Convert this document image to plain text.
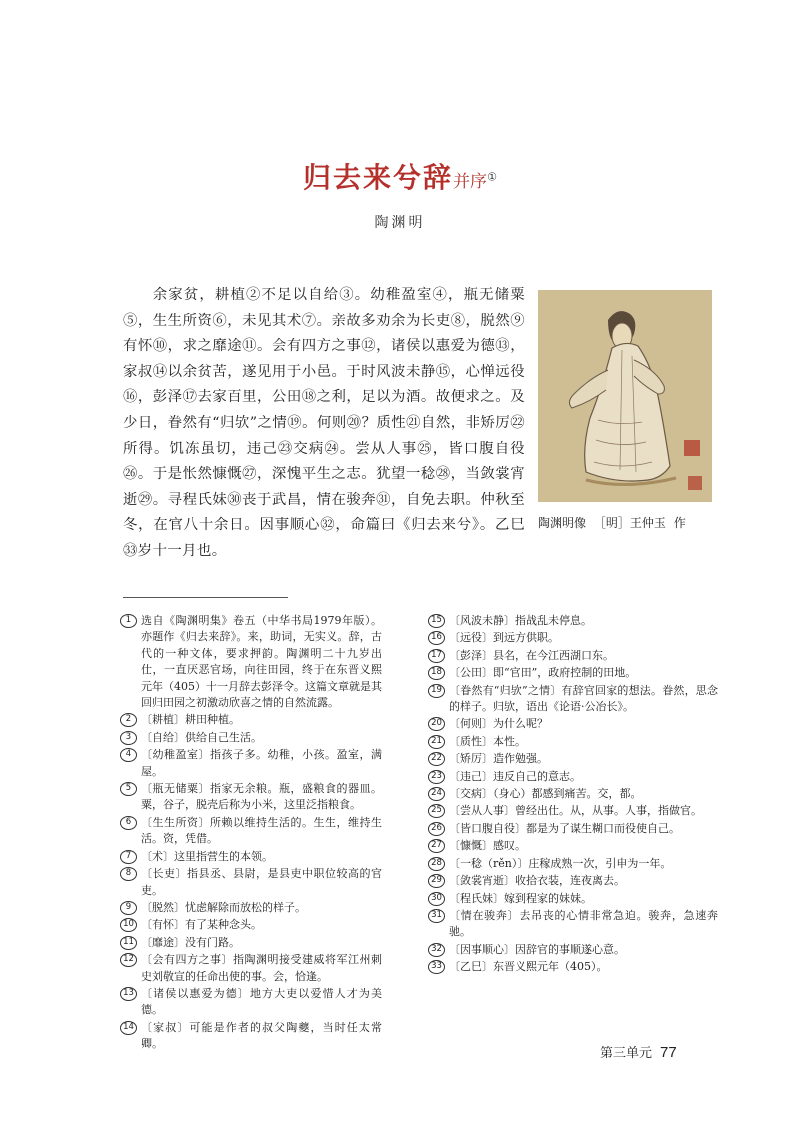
归去来兮辞并序①
陶渊明
余家贫，耕植②不足以自给③。幼稚盈室④，瓶无储粟⑤，生生所资⑥，未见其术⑦。亲故多劝余为长吏⑧，脱然⑨有怀⑩，求之靡途⑪。会有四方之事⑫，诸侯以惠爱为德⑬，家叔⑭以余贫苦，遂见用于小邑。于时风波未静⑮，心惮远役⑯，彭泽⑰去家百里，公田⑱之利，足以为酒。故便求之。及少日，眷然有“归欤”之情⑲。何则⑳？质性㉑自然，非矫厉㉒所得。饥冻虽切，违己㉓交病㉔。尝从人事㉕，皆口腹自役㉖。于是怅然慷慨㉗，深愧平生之志。犹望一稔㉘，当敛裳宵逝㉙。寻程氏妹㉚丧于武昌，情在骏奔㉛，自免去职。仲秋至冬，在官八十余日。因事顺心㉜，命篇曰《归去来兮》。乙巳㉝岁十一月也。
陶渊明像 ［明］王仲玉 作
1 选自《陶渊明集》卷五（中华书局1979年版）。亦题作《归去来辞》。来，助词，无实义。辞，古代的一种文体，要求押韵。陶渊明二十九岁出仕，一直厌恶官场，向往田园，终于在东晋义熙元年（405）十一月辞去彭泽令。这篇文章就是其回归田园之初激动欣喜之情的自然流露。
2 〔耕植〕耕田种植。
3 〔自给〕供给自己生活。
4 〔幼稚盈室〕指孩子多。幼稚，小孩。盈室，满屋。
5 〔瓶无储粟〕指家无余粮。瓶，盛粮食的器皿。粟，谷子，脱壳后称为小米，这里泛指粮食。
6 〔生生所资〕所赖以维持生活的。生生，维持生活。资，凭借。
7 〔术〕这里指营生的本领。
8 〔长吏〕指县丞、县尉，是县吏中职位较高的官吏。
9 〔脱然〕忧虑解除而放松的样子。
10 〔有怀〕有了某种念头。
11 〔靡途〕没有门路。
12 〔会有四方之事〕指陶渊明接受建威将军江州刺史刘敬宣的任命出使的事。会，恰逢。
13 〔诸侯以惠爱为德〕地方大吏以爱惜人才为美德。
14 〔家叔〕可能是作者的叔父陶夔，当时任太常卿。
15 〔风波未静〕指战乱未停息。
16 〔远役〕到远方供职。
17 〔彭泽〕县名，在今江西湖口东。
18 〔公田〕即“官田”，政府控制的田地。
19 〔眷然有“归欤”之情〕有辞官回家的想法。眷然，思念的样子。归欤，语出《论语·公冶长》。
20 〔何则〕为什么呢？
21 〔质性〕本性。
22 〔矫厉〕造作勉强。
23 〔违己〕违反自己的意志。
24 〔交病〕（身心）都感到痛苦。交，都。
25 〔尝从人事〕曾经出仕。从，从事。人事，指做官。
26 〔皆口腹自役〕都是为了谋生糊口而役使自己。
27 〔慷慨〕感叹。
28 〔一稔（rěn）〕庄稼成熟一次，引申为一年。
29 〔敛裳宵逝〕收拾衣装，连夜离去。
30 〔程氏妹〕嫁到程家的妹妹。
31 〔情在骏奔〕去吊丧的心情非常急迫。骏奔，急速奔驰。
32 〔因事顺心〕因辞官的事顺遂心意。
33 〔乙巳〕东晋义熙元年（405）。
第三单元 77
